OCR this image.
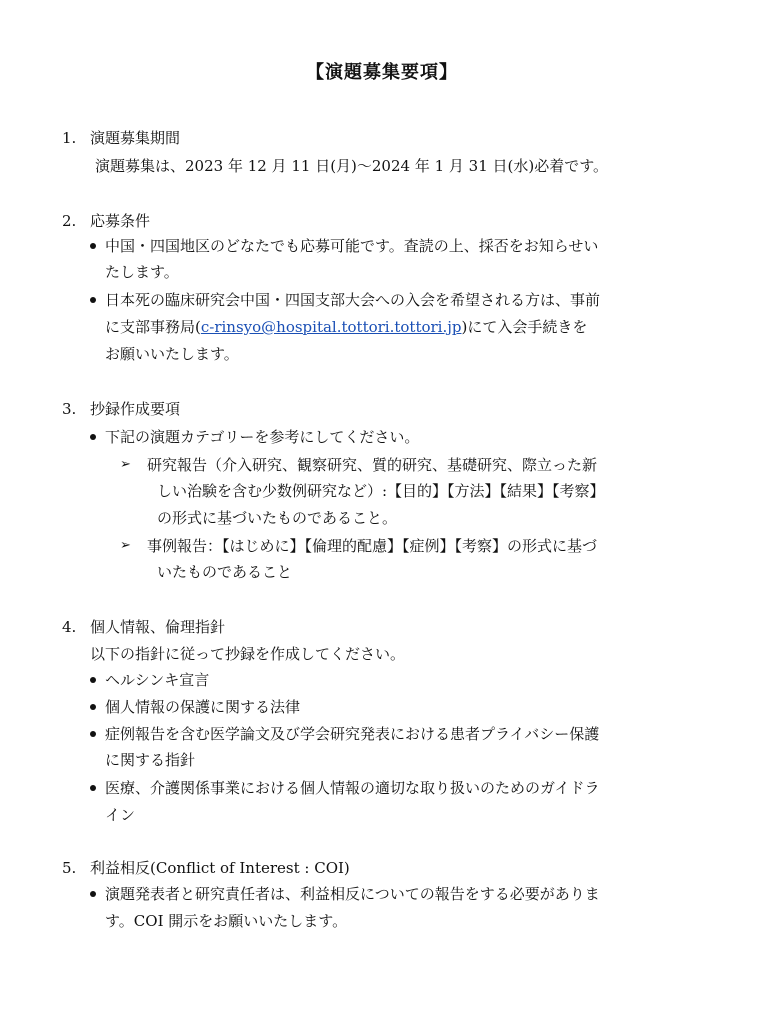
【演題募集要項】
1. 演題募集期間
演題募集は、2023 年 12 月 11 日(月)～2024 年 1 月 31 日(水)必着です。
2. 応募条件
中国・四国地区のどなたでも応募可能です。査読の上、採否をお知らせい
たします。
日本死の臨床研究会中国・四国支部大会への入会を希望される方は、事前
に支部事務局(c-rinsyo@hospital.tottori.tottori.jp)にて入会手続きを
お願いいたします。
3. 抄録作成要項
下記の演題カテゴリーを参考にしてください。
➢ 研究報告（介入研究、観察研究、質的研究、基礎研究、際立った新
しい治験を含む少数例研究など）:【目的】【方法】【結果】【考察】
の形式に基づいたものであること。
➢ 事例報告：【はじめに】【倫理的配慮】【症例】【考察】の形式に基づ
いたものであること
4. 個人情報、倫理指針
以下の指針に従って抄録を作成してください。
ヘルシンキ宣言
個人情報の保護に関する法律
症例報告を含む医学論文及び学会研究発表における患者プライバシー保護
に関する指針
医療、介護関係事業における個人情報の適切な取り扱いのためのガイドラ
イン
5. 利益相反(Conflict of Interest : COI)
演題発表者と研究責任者は、利益相反についての報告をする必要がありま
す。COI 開示をお願いいたします。
